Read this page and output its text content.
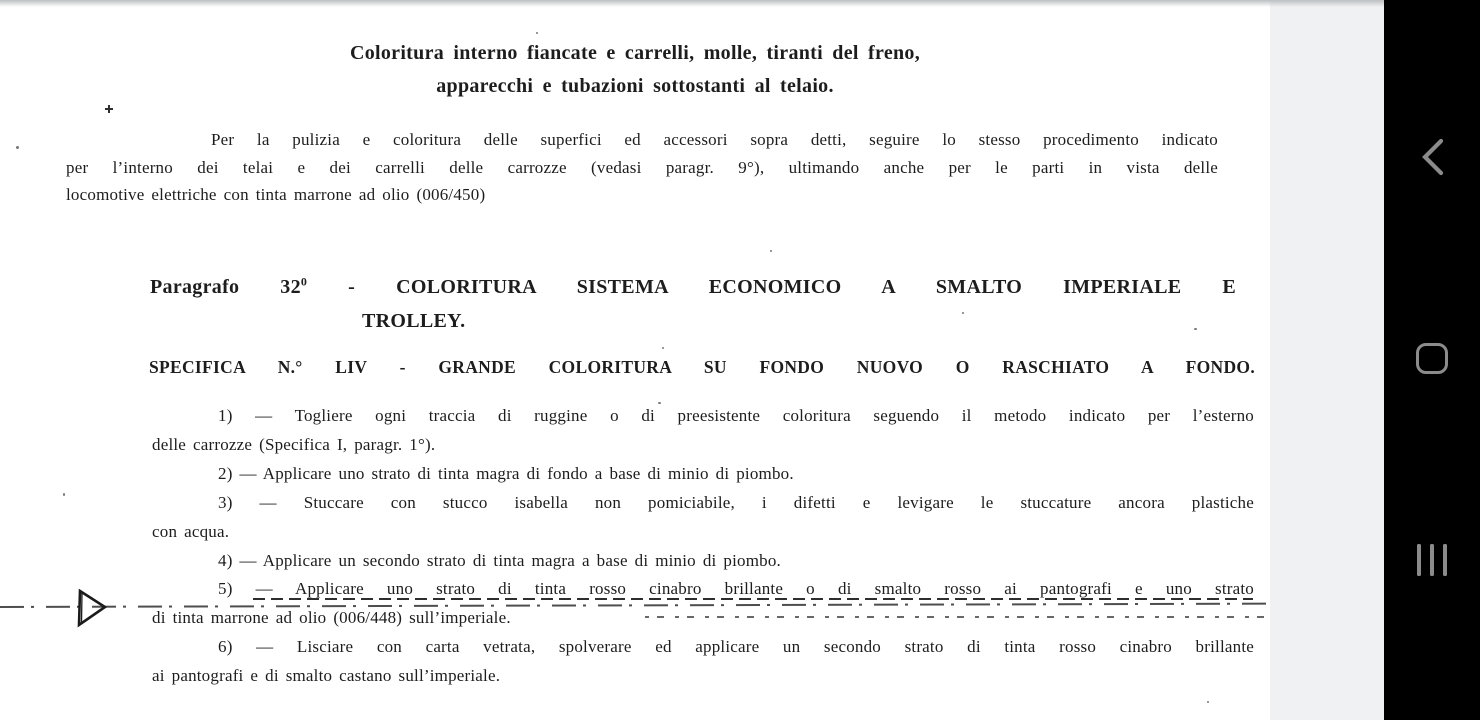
Coloritura interno fiancate e carrelli, molle, tiranti del freno,
apparecchi e tubazioni sottostanti al telaio.
Per la pulizia e coloritura delle superfici ed accessori sopra detti, seguire lo stesso procedimento indicato
per l’interno dei telai e dei carrelli delle carrozze (vedasi paragr. 9°), ultimando anche per le parti in vista delle
locomotive elettriche con tinta marrone ad olio (006/450)
Paragrafo $32^0$ - COLORITURA SISTEMA ECONOMICO A SMALTO IMPERIALE E
TROLLEY.
SPECIFICA N.° LIV - GRANDE COLORITURA SU FONDO NUOVO O RASCHIATO A FONDO.
1) — Togliere ogni traccia di ruggine o di preesistente coloritura seguendo il metodo indicato per l’esterno
delle carrozze (Specifica I, paragr. 1°).
2) — Applicare uno strato di tinta magra di fondo a base di minio di piombo.
3) — Stuccare con stucco isabella non pomiciabile, i difetti e levigare le stuccature ancora plastiche
con acqua.
4) — Applicare un secondo strato di tinta magra a base di minio di piombo.
5) — Applicare uno strato di tinta rosso cinabro brillante o di smalto rosso ai pantografi e uno strato
di tinta marrone ad olio (006/448) sull’imperiale.
6) — Lisciare con carta vetrata, spolverare ed applicare un secondo strato di tinta rosso cinabro brillante
ai pantografi e di smalto castano sull’imperiale.
